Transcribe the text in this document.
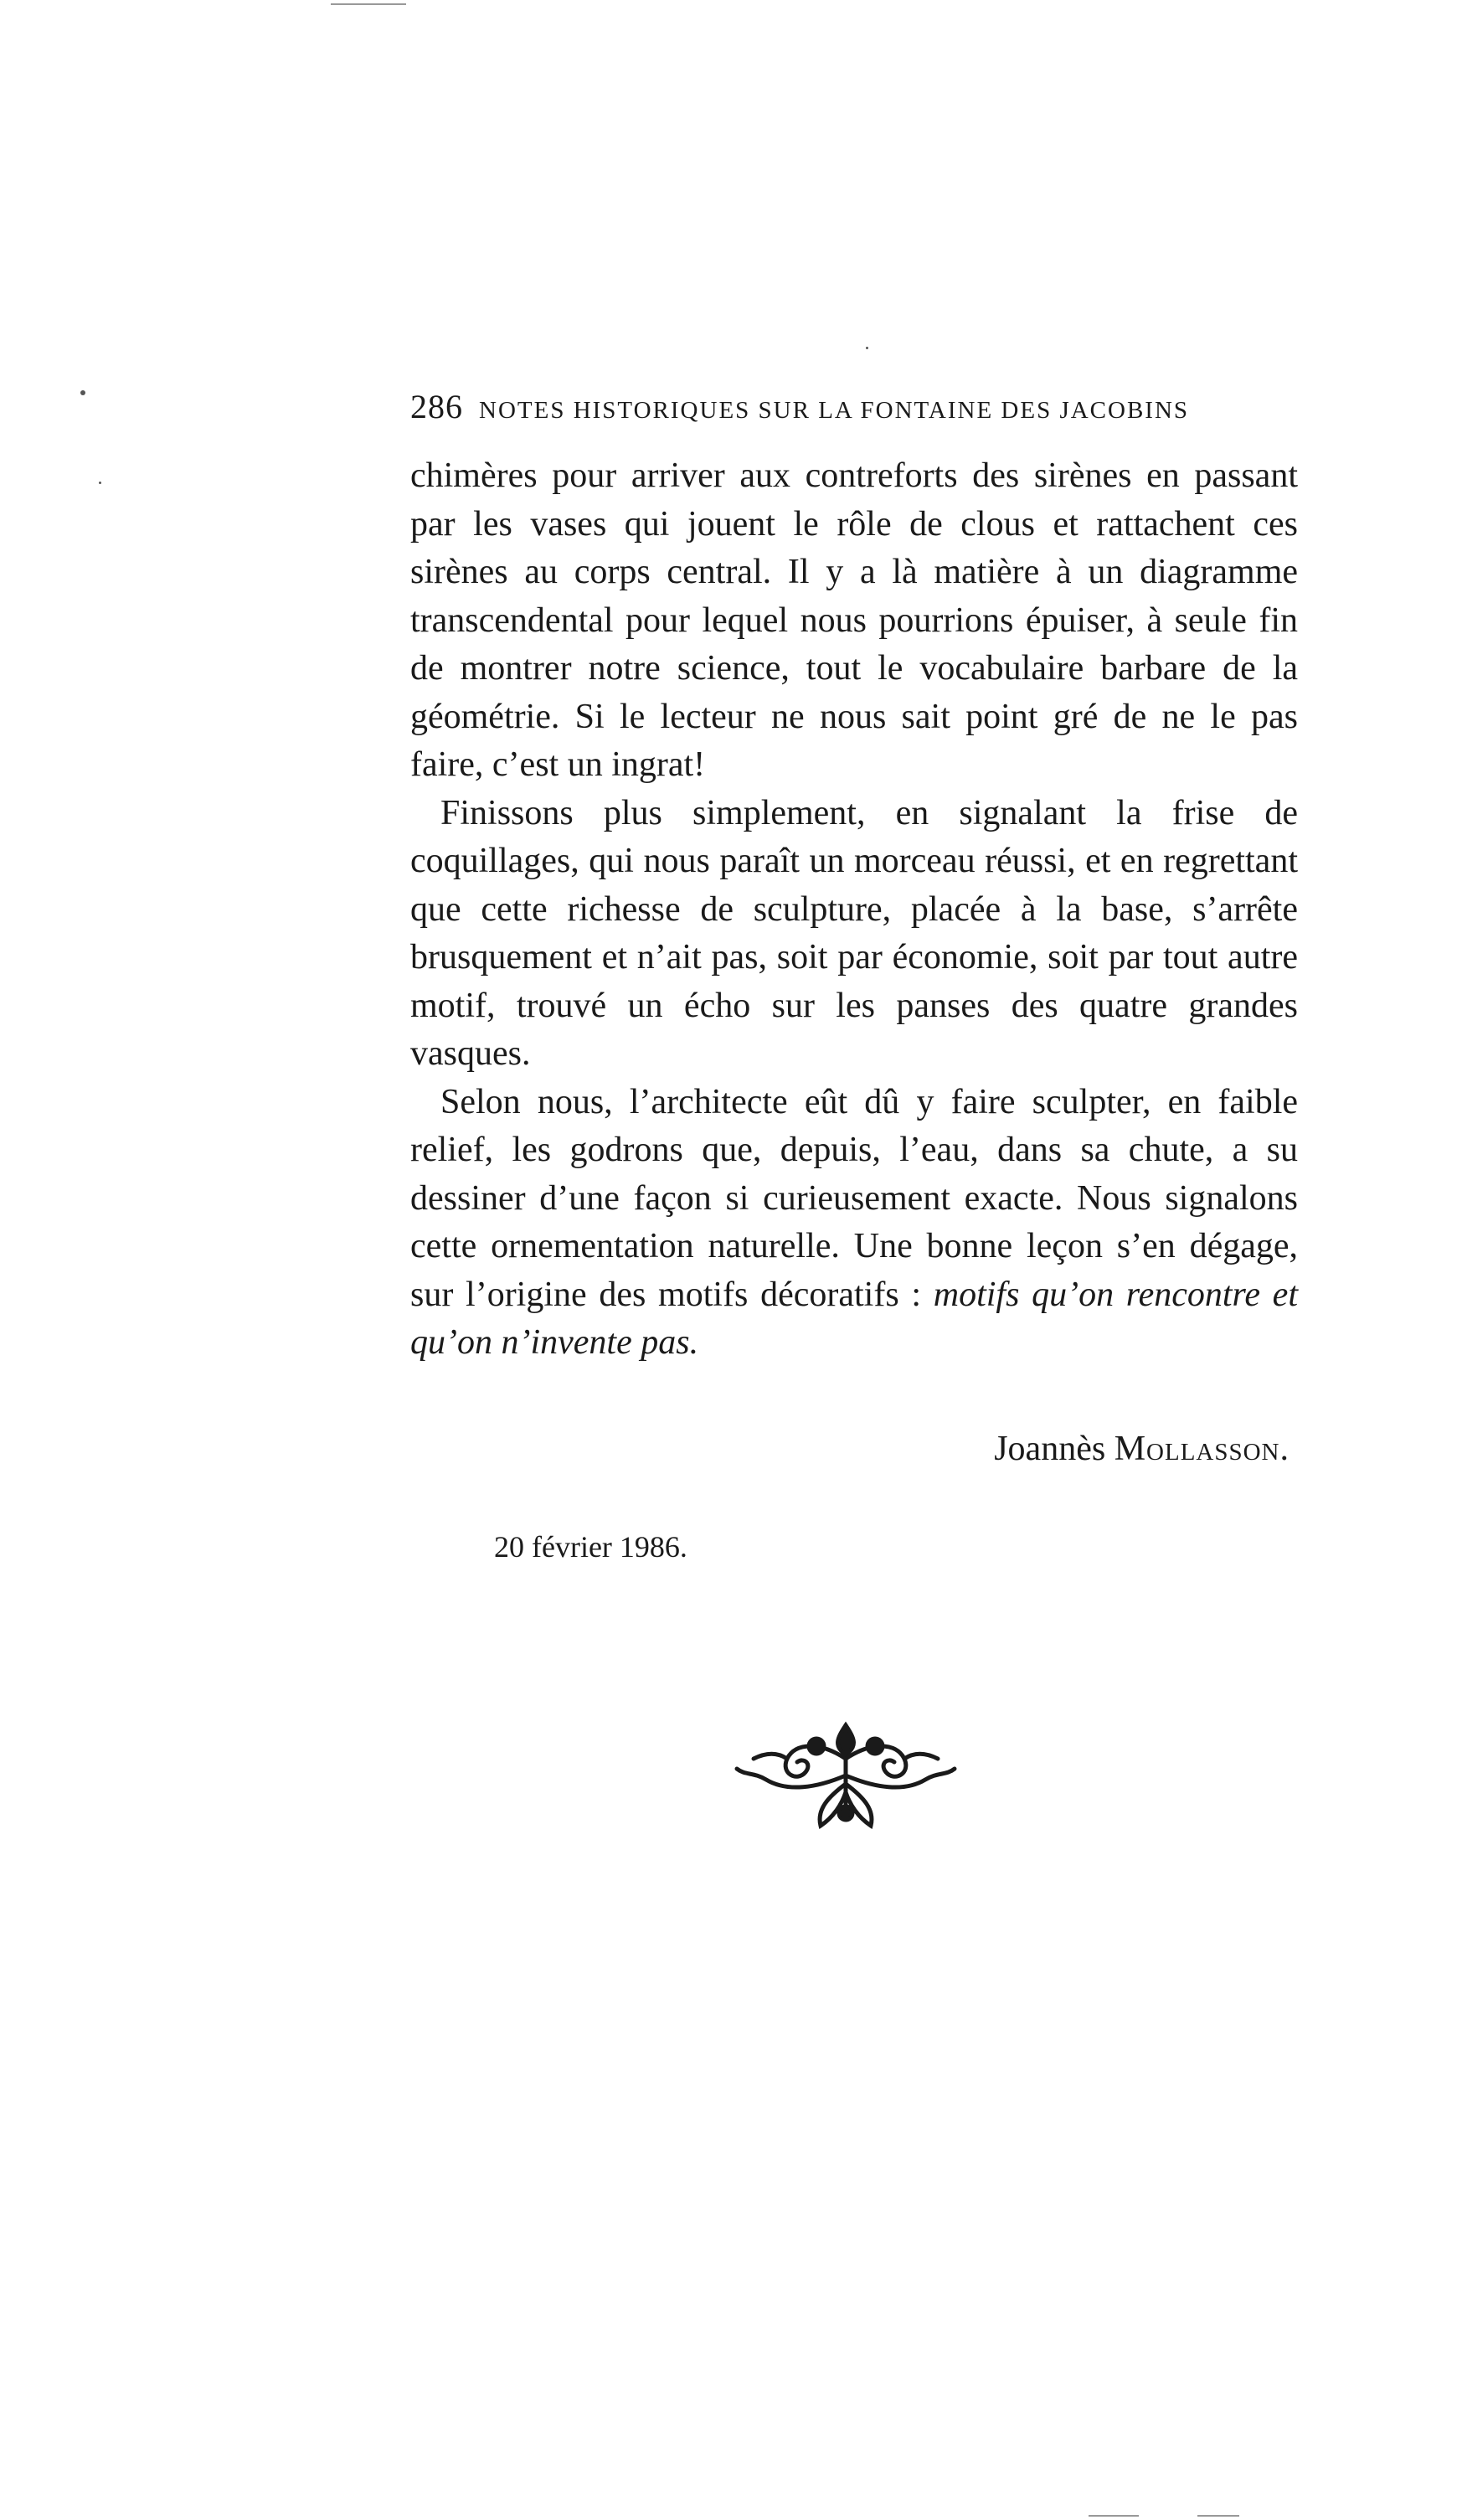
286 NOTES HISTORIQUES SUR LA FONTAINE DES JACOBINS

chimères pour arriver aux contreforts des sirènes en passant par les vases qui jouent le rôle de clous et rattachent ces sirènes au corps central. Il y a là matière à un diagramme transcendental pour lequel nous pourrions épuiser, à seule fin de montrer notre science, tout le vocabulaire barbare de la géométrie. Si le lecteur ne nous sait point gré de ne le pas faire, c’est un ingrat!

Finissons plus simplement, en signalant la frise de coquillages, qui nous paraît un morceau réussi, et en regrettant que cette richesse de sculpture, placée à la base, s’arrête brusquement et n’ait pas, soit par économie, soit par tout autre motif, trouvé un écho sur les panses des quatre grandes vasques.

Selon nous, l’architecte eût dû y faire sculpter, en faible relief, les godrons que, depuis, l’eau, dans sa chute, a su dessiner d’une façon si curieusement exacte. Nous signalons cette ornementation naturelle. Une bonne leçon s’en dégage, sur l’origine des motifs décoratifs : motifs qu’on rencontre et qu’on n’invente pas.

Joannès Mollasson.
20 février 1986.
